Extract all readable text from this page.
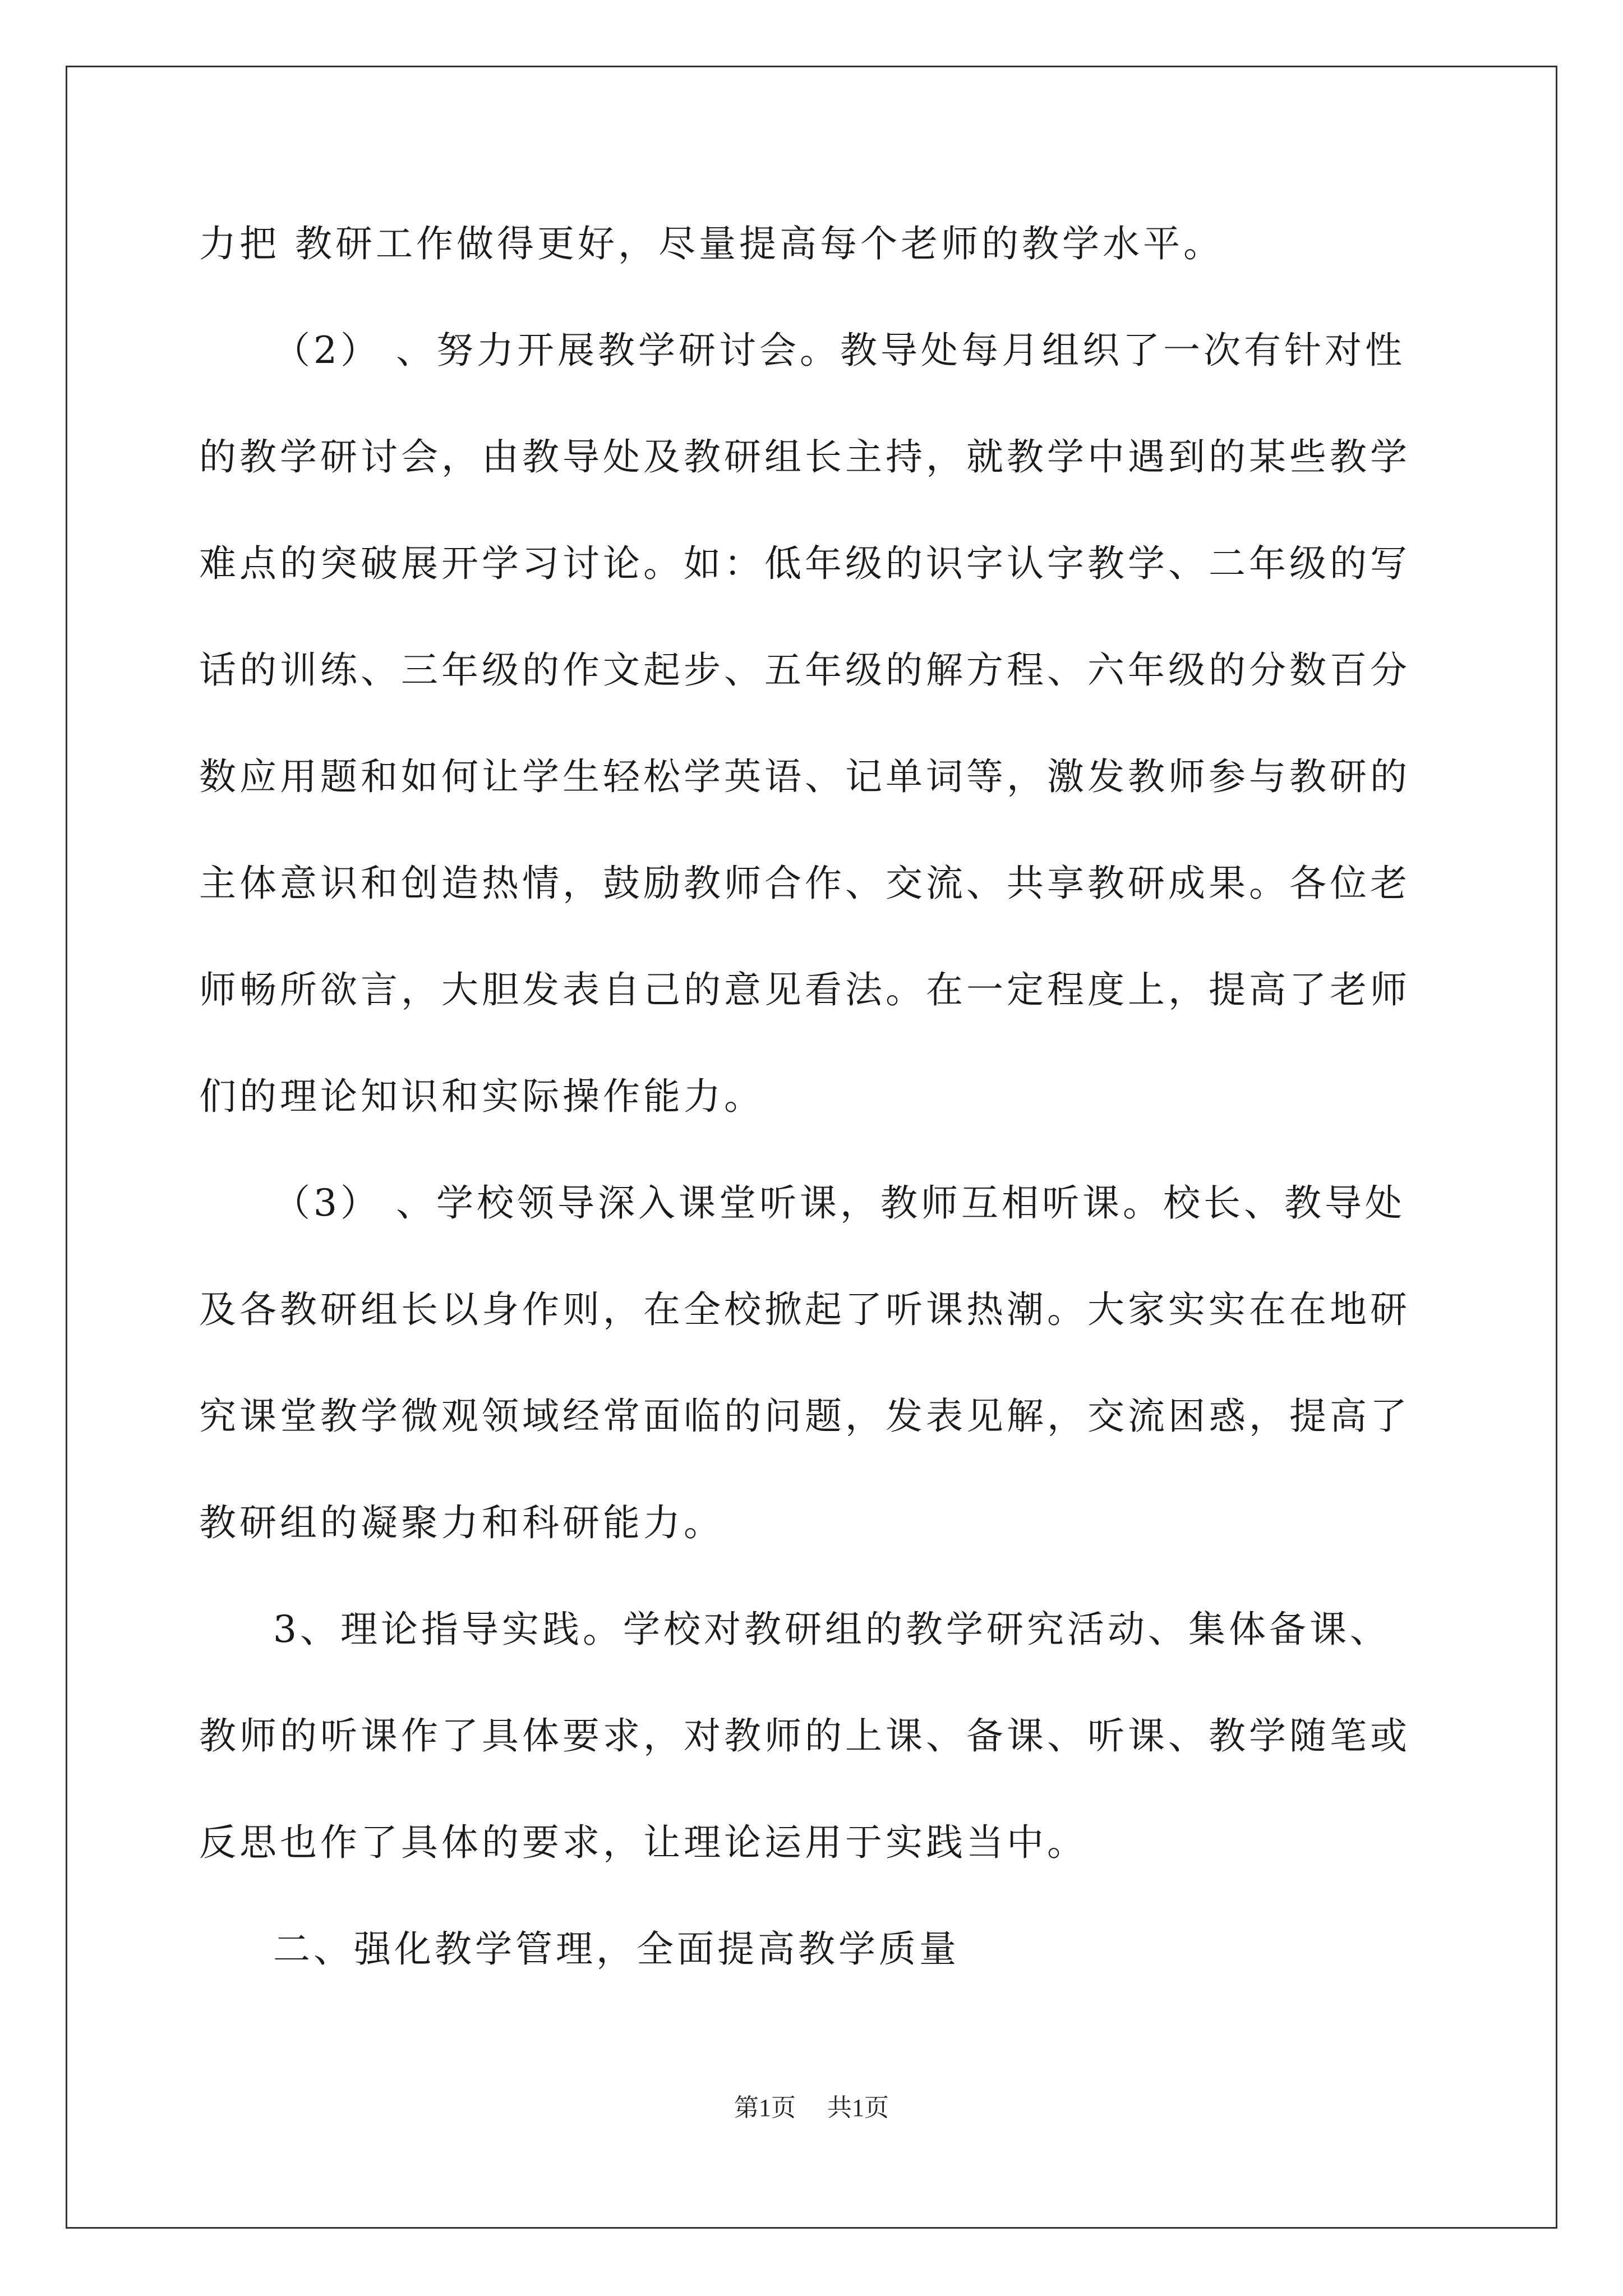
力把 教研工作做得更好，尽量提高每个老师的教学水平。

（2） 、努力开展教学研讨会。教导处每月组织了一次有针对性

的教学研讨会，由教导处及教研组长主持，就教学中遇到的某些教学

难点的突破展开学习讨论。如：低年级的识字认字教学、二年级的写

话的训练、三年级的作文起步、五年级的解方程、六年级的分数百分

数应用题和如何让学生轻松学英语、记单词等，激发教师参与教研的

主体意识和创造热情，鼓励教师合作、交流、共享教研成果。各位老

师畅所欲言，大胆发表自己的意见看法。在一定程度上，提高了老师

们的理论知识和实际操作能力。

（3） 、学校领导深入课堂听课，教师互相听课。校长、教导处

及各教研组长以身作则，在全校掀起了听课热潮。大家实实在在地研

究课堂教学微观领域经常面临的问题，发表见解，交流困惑，提高了

教研组的凝聚力和科研能力。

3、理论指导实践。学校对教研组的教学研究活动、集体备课、

教师的听课作了具体要求，对教师的上课、备课、听课、教学随笔或

反思也作了具体的要求，让理论运用于实践当中。

二、强化教学管理，全面提高教学质量

第1页 共1页
